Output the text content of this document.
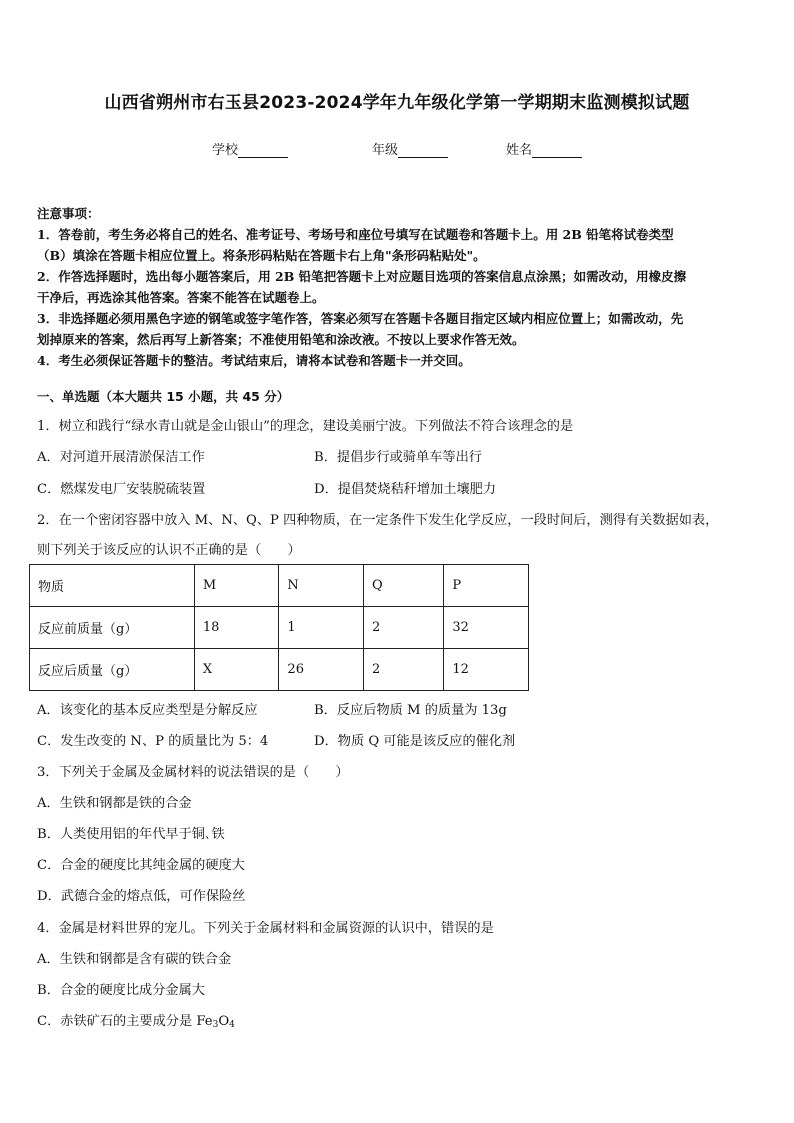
山西省朔州市右玉县2023-2024学年九年级化学第一学期期末监测模拟试题
学校	年级	姓名
注意事项：
1．答卷前，考生务必将自己的姓名、准考证号、考场号和座位号填写在试题卷和答题卡上。用 2B 铅笔将试卷类型
（B）填涂在答题卡相应位置上。将条形码粘贴在答题卡右上角"条形码粘贴处"。
2．作答选择题时，选出每小题答案后，用 2B 铅笔把答题卡上对应题目选项的答案信息点涂黑；如需改动，用橡皮擦
干净后，再选涂其他答案。答案不能答在试题卷上。
3．非选择题必须用黑色字迹的钢笔或签字笔作答，答案必须写在答题卡各题目指定区域内相应位置上；如需改动，先
划掉原来的答案，然后再写上新答案；不准使用铅笔和涂改液。不按以上要求作答无效。
4．考生必须保证答题卡的整洁。考试结束后，请将本试卷和答题卡一并交回。
一、单选题（本大题共 15 小题，共 45 分）
1．树立和践行“绿水青山就是金山银山”的理念，建设美丽宁波。下列做法不符合该理念的是
A．对河道开展清淤保洁工作	B．提倡步行或骑单车等出行
C．燃煤发电厂安装脱硫装置	D．提倡焚烧秸秆增加土壤肥力
2．在一个密闭容器中放入 M、N、Q、P 四种物质，在一定条件下发生化学反应，一段时间后，测得有关数据如表，
则下列关于该反应的认识不正确的是（　　）
物质	M	N	Q	P
反应前质量（g）	18	1	2	32
反应后质量（g）	X	26	2	12
A．该变化的基本反应类型是分解反应	B．反应后物质 M 的质量为 13g
C．发生改变的 N、P 的质量比为 5：4	D．物质 Q 可能是该反应的催化剂
3．下列关于金属及金属材料的说法错误的是（　　）
A．生铁和钢都是铁的合金
B．人类使用铝的年代早于铜､铁
C．合金的硬度比其纯金属的硬度大
D．武德合金的熔点低，可作保险丝
4．金属是材料世界的宠儿。下列关于金属材料和金属资源的认识中，错误的是
A．生铁和钢都是含有碳的铁合金
B．合金的硬度比成分金属大
C．赤铁矿石的主要成分是 $Fe_3O_4$
